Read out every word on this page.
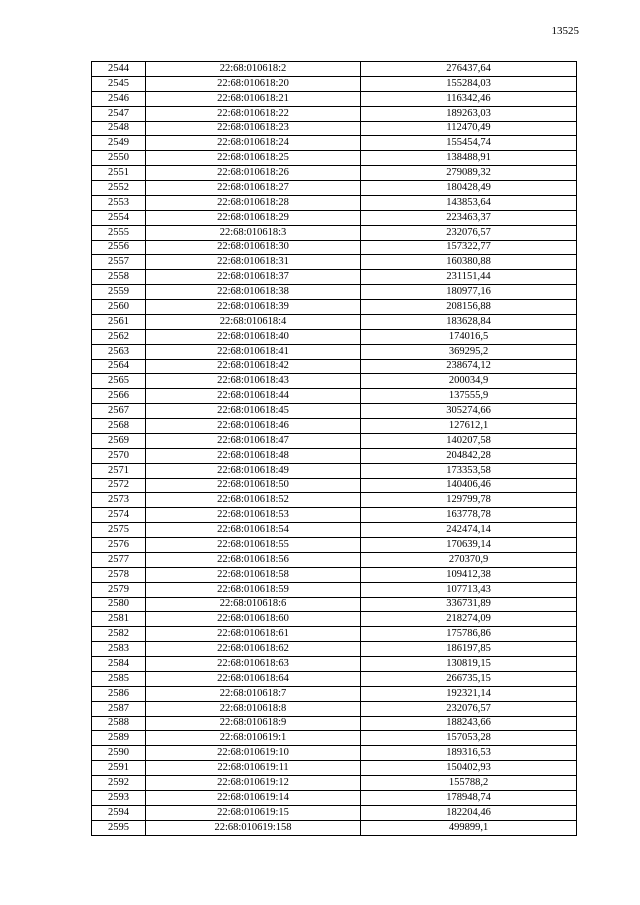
13525
2544	22:68:010618:2	276437,64
2545	22:68:010618:20	155284,03
2546	22:68:010618:21	116342,46
2547	22:68:010618:22	189263,03
2548	22:68:010618:23	112470,49
2549	22:68:010618:24	155454,74
2550	22:68:010618:25	138488,91
2551	22:68:010618:26	279089,32
2552	22:68:010618:27	180428,49
2553	22:68:010618:28	143853,64
2554	22:68:010618:29	223463,37
2555	22:68:010618:3	232076,57
2556	22:68:010618:30	157322,77
2557	22:68:010618:31	160380,88
2558	22:68:010618:37	231151,44
2559	22:68:010618:38	180977,16
2560	22:68:010618:39	208156,88
2561	22:68:010618:4	183628,84
2562	22:68:010618:40	174016,5
2563	22:68:010618:41	369295,2
2564	22:68:010618:42	238674,12
2565	22:68:010618:43	200034,9
2566	22:68:010618:44	137555,9
2567	22:68:010618:45	305274,66
2568	22:68:010618:46	127612,1
2569	22:68:010618:47	140207,58
2570	22:68:010618:48	204842,28
2571	22:68:010618:49	173353,58
2572	22:68:010618:50	140406,46
2573	22:68:010618:52	129799,78
2574	22:68:010618:53	163778,78
2575	22:68:010618:54	242474,14
2576	22:68:010618:55	170639,14
2577	22:68:010618:56	270370,9
2578	22:68:010618:58	109412,38
2579	22:68:010618:59	107713,43
2580	22:68:010618:6	336731,89
2581	22:68:010618:60	218274,09
2582	22:68:010618:61	175786,86
2583	22:68:010618:62	186197,85
2584	22:68:010618:63	130819,15
2585	22:68:010618:64	266735,15
2586	22:68:010618:7	192321,14
2587	22:68:010618:8	232076,57
2588	22:68:010618:9	188243,66
2589	22:68:010619:1	157053,28
2590	22:68:010619:10	189316,53
2591	22:68:010619:11	150402,93
2592	22:68:010619:12	155788,2
2593	22:68:010619:14	178948,74
2594	22:68:010619:15	182204,46
2595	22:68:010619:158	499899,1
